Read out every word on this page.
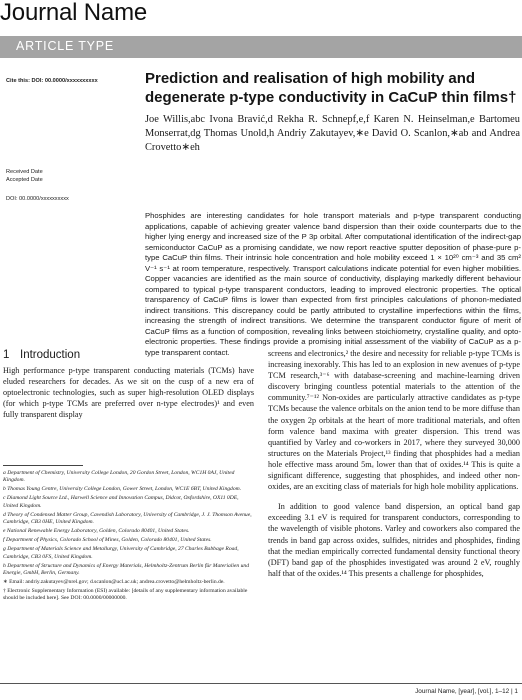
Journal Name
ARTICLE TYPE
Cite this: DOI: 00.0000/xxxxxxxxxx
Received Date
Accepted Date
DOI: 00.0000/xxxxxxxxxx
Prediction and realisation of high mobility and degenerate p-type conductivity in CaCuP thin films†
Joe Willis,abc Ivona Bravić,d Rekha R. Schnepf,e,f Karen N. Heinselman,e Bartomeu Monserrat,dg Thomas Unold,h Andriy Zakutayev,∗e David O. Scanlon,∗ab and Andrea Crovetto∗eh
Phosphides are interesting candidates for hole transport materials and p-type transparent conducting applications, capable of achieving greater valence band dispersion than their oxide counterparts due to the higher lying energy and increased size of the P 3p orbital. After computational identification of the indirect-gap semiconductor CaCuP as a promising candidate, we now report reactive sputter deposition of phase-pure p-type CaCuP thin films. Their intrinsic hole concentration and hole mobility exceed 1 × 10²⁰ cm⁻³ and 35 cm² V⁻¹ s⁻¹ at room temperature, respectively. Transport calculations indicate potential for even higher mobilities. Copper vacancies are identified as the main source of conductivity, displaying markedly different behaviour compared to typical p-type transparent conductors, leading to improved electronic properties. The optical transparency of CaCuP films is lower than expected from first principles calculations of phonon-mediated indirect transitions. This discrepancy could be partly attributed to crystalline imperfections within the films, increasing the strength of indirect transitions. We determine the transparent conductor figure of merit of CaCuP films as a function of composition, revealing links between stoichiometry, crystalline quality, and opto-electronic properties. These findings provide a promising initial assessment of the viability of CaCuP as a p-type transparent contact.
1 Introduction

High performance p-type transparent conducting materials (TCMs) have eluded researchers for decades. As we sit on the cusp of a new era of optoelectronic technologies, such as super high-resolution OLED displays (for which p-type TCMs are preferred over n-type electrodes)¹ and even fully transparent display

a Department of Chemistry, University College London, 20 Gordon Street, London, WC1H 0AJ, United Kingdom.
b Thomas Young Centre, University College London, Gower Street, London, WC1E 6BT, United Kingdom.
c Diamond Light Source Ltd., Harwell Science and Innovation Campus, Didcot, Oxfordshire, OX11 0DE, United Kingdom.
d Theory of Condensed Matter Group, Cavendish Laboratory, University of Cambridge, J. J. Thomson Avenue, Cambridge, CB3 0HE, United Kingdom.
e National Renewable Energy Laboratory, Golden, Colorado 80401, United States.
f Department of Physics, Colorado School of Mines, Golden, Colorado 80401, United States.
g Department of Materials Science and Metallurgy, University of Cambridge, 27 Charles Babbage Road, Cambridge, CB3 0FS, United Kingdom.
h Department of Structure and Dynamics of Energy Materials, Helmholtz-Zentrum Berlin für Materialien und Energie, GmbH, Berlin, Germany.
∗ Email: andriy.zakutayev@nrel.gov; d.scanlon@ucl.ac.uk; andrea.crovetto@helmholtz-berlin.de.
† Electronic Supplementary Information (ESI) available: [details of any supplementary information available should be included here]. See DOI: 00.0000/00000000.

screens and electronics,² the desire and necessity for reliable p-type TCMs is increasing inexorably. This has led to an explosion in new avenues of p-type TCM research,³⁻⁶ with database-screening and machine-learning driven discovery bringing countless potential materials to the attention of the community.⁷⁻¹² Non-oxides are particularly attractive candidates as p-type TCMs because the valence orbitals on the anion tend to be more diffuse than the oxygen 2p orbitals at the heart of more traditional materials, and often form valence band maxima with greater dispersion. This trend was quantified by Varley and co-workers in 2017, where they surveyed 30,000 structures on the Materials Project,¹³ finding that phosphides had a median hole effective mass around 5mₑ lower than that of oxides.¹⁴ This is quite a significant difference, suggesting that phosphides, and indeed other non-oxides, are an exciting class of materials for high hole mobility applications.

In addition to good valence band dispersion, an optical band gap exceeding 3.1 eV is required for transparent conductors, corresponding to the wavelength of visible photons. Varley and coworkers also compared the trends in band gap across oxides, sulfides, nitrides and phosphides, finding that the median empirically corrected fundamental density functional theory (DFT) band gap of the phosphides investigated was around 2 eV, roughly half that of the oxides.¹⁴ This presents a challenge for phosphides,

Journal Name, [year], [vol.], 1–12 | 1
